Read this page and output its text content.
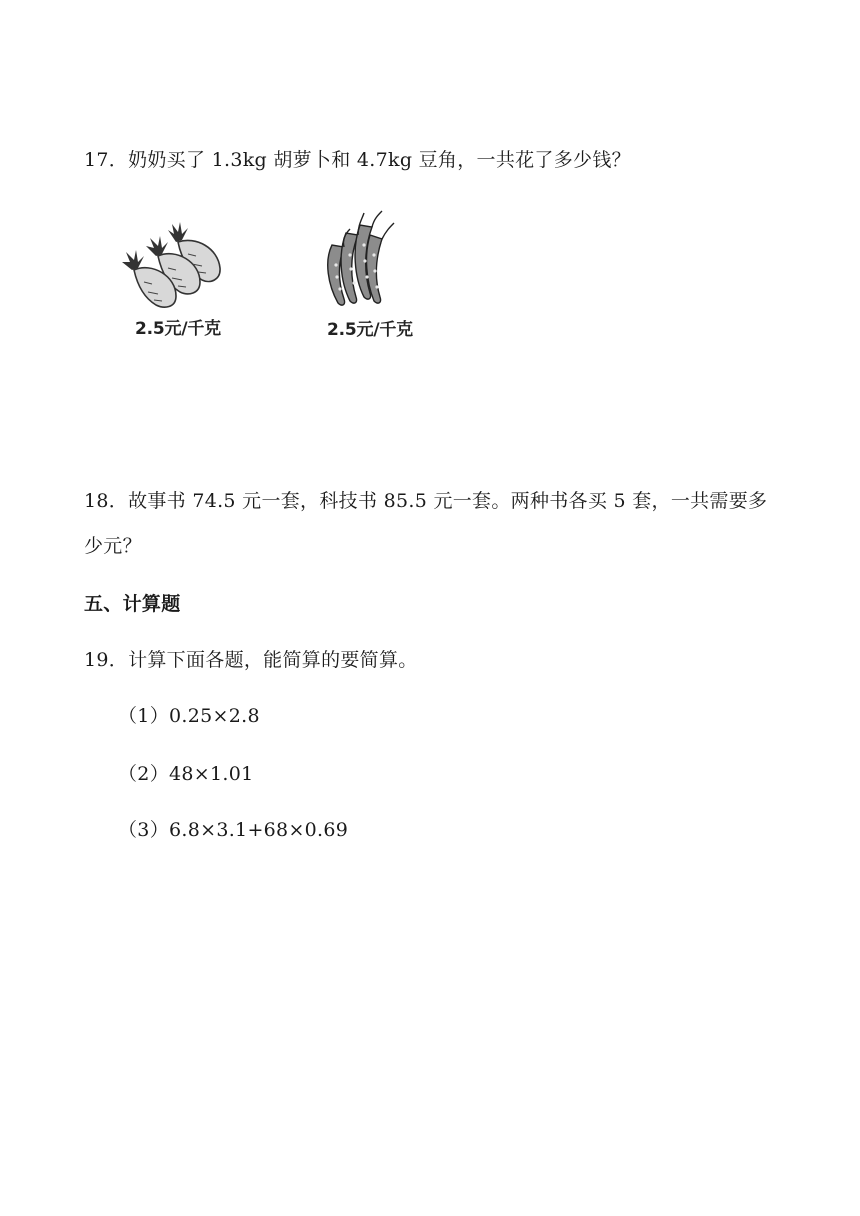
17．奶奶买了 1.3kg 胡萝卜和 4.7kg 豆角，一共花了多少钱？
2.5元/千克	2.5元/千克
18．故事书 74.5 元一套，科技书 85.5 元一套。两种书各买 5 套，一共需要多
少元？
五、计算题
19．计算下面各题，能简算的要简算。
（1）0.25×2.8
（2）48×1.01
（3）6.8×3.1+68×0.69
